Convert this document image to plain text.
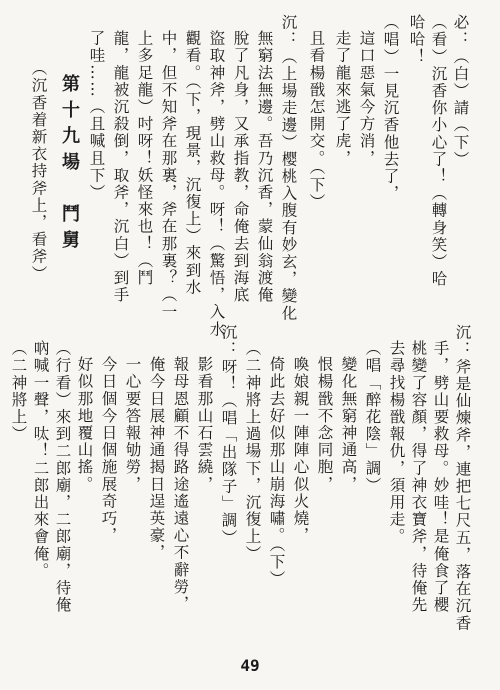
必：（白）請（下）
（看）沉香你小心了！（轉身笑）哈
哈哈！
（唱）一見沉香他去了，
這口惡氣今方消，
走了龍來逃了虎，
且看楊戩怎開交。（下）
沉：（上場走邊）樱桃入腹有妙玄，變化
無窮法無邊。吾乃沉香，蒙仙翁渡俺
脫了凡身，又承指教，命俺去到海底
盜取神斧，劈山救母。呀！（驚悟，入水
觀看。（下，現景，沉復上）來到水
中，但不知斧在那裏，斧在那裏？（一
上多足龍）吋呀！妖怪來也！（鬥
龍，龍被沉殺倒，取斧，沉白）到手
了哇……（且喊且下）
第十九場　鬥舅
（沉香着新衣持斧上，看斧）
沉：斧是仙煉斧，連把七尺五，落在沉香
手，劈山要救母。妙哇！是俺食了櫻
桃變了容顏，得了神衣寶斧，待俺先
去尋找楊戩報仇，須用走。
（唱「醉花陰」調）
變化無窮神通高，
恨楊戩不念同胞，
喚娘親一陣陣心似火燒，
倚此去好似那山崩海嘯。（下）
（二神將上過場下，沉復上）
沉：呀！（唱「出隊子」調）
影看那山石雲繞，
報母恩顧不得路途遙遠心不辭勞，
俺今日展神通揭日逞英豪，
一心要答報劬勞，
今日個今日個施展奇巧，
好似那地覆山搖。
（行看）來到二郎廟，二郎廟，待俺
吶喊一聲，呔！二郎出來會俺。
（二神將上）
49
